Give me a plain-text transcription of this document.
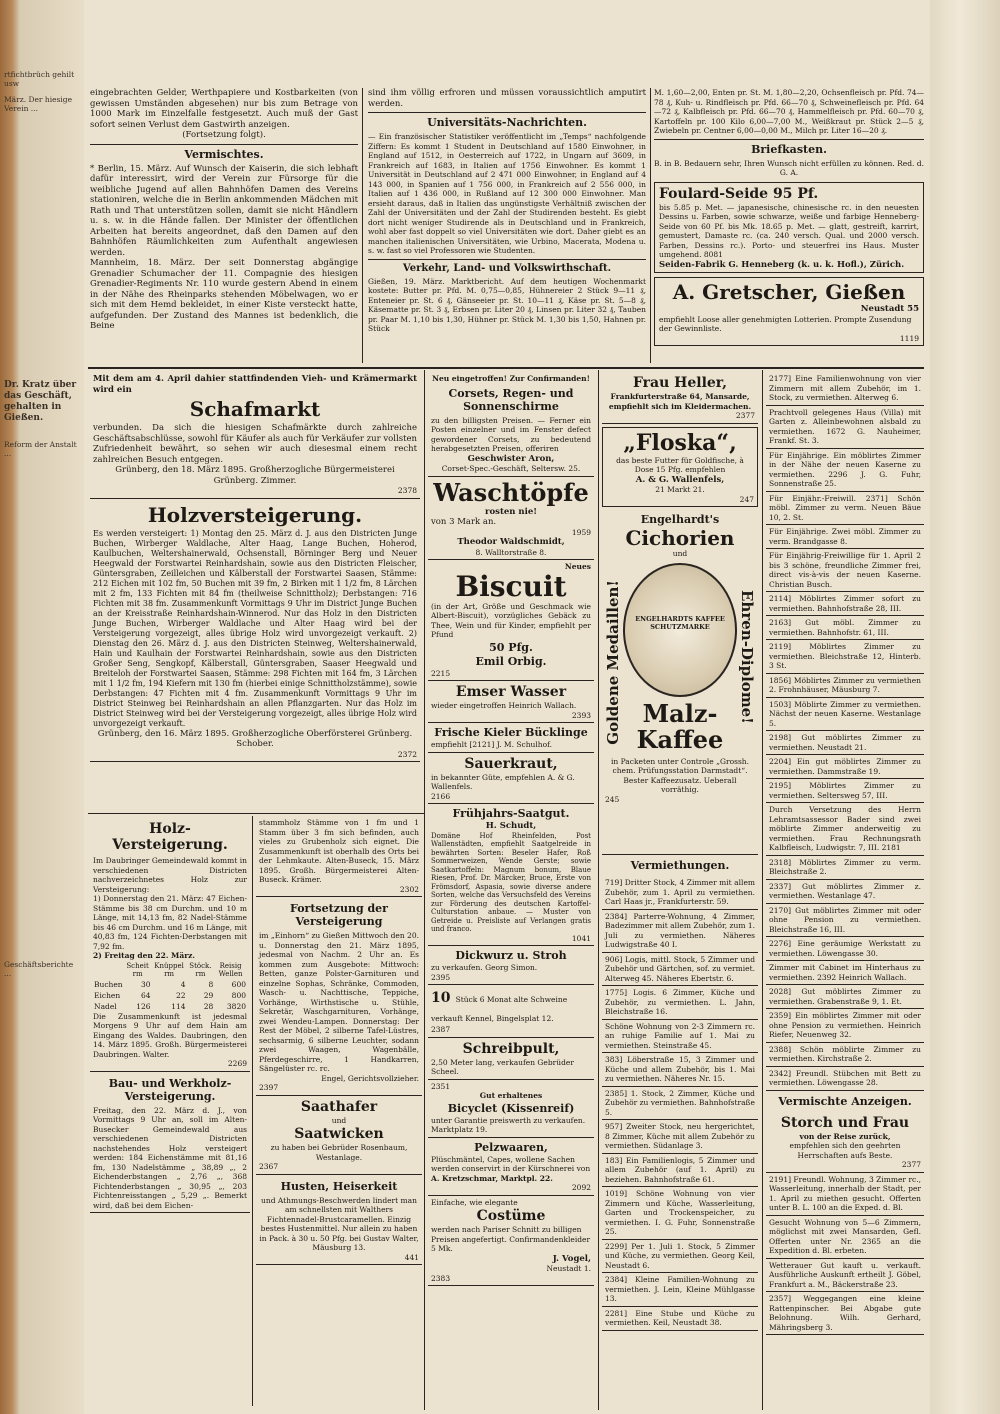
rtfichtbrüch gehilt usw
März. Der hiesige Verein ...
Dr. Kratz über das Geschäft, gehalten in Gießen.
Reform der Anstalt ...
Geschäftsberichte ...

eingebrachten Gelder, Werthpapiere und Kostbarkeiten (von gewissen Umständen abgesehen) nur bis zum Betrage von 1000 Mark im Einzelfalle festgesetzt. Auch muß der Gast sofort seinen Verlust dem Gastwirth anzeigen.

(Fortsetzung folgt).

Vermischtes.

* Berlin, 15. März. Auf Wunsch der Kaiserin, die sich lebhaft dafür interessirt, wird der Verein zur Fürsorge für die weibliche Jugend auf allen Bahnhöfen Damen des Vereins stationiren, welche die in Berlin ankommenden Mädchen mit Rath und That unterstützen sollen, damit sie nicht Händlern u. s. w. in die Hände fallen. Der Minister der öffentlichen Arbeiten hat bereits angeordnet, daß den Damen auf den Bahnhöfen Räumlichkeiten zum Aufenthalt angewiesen werden.

Mannheim, 18. März. Der seit Donnerstag abgängige Grenadier Schumacher der 11. Compagnie des hiesigen Grenadier-Regiments Nr. 110 wurde gestern Abend in einem in der Nähe des Rheinparks stehenden Möbelwagen, wo er sich mit dem Hemd bekleidet, in einer Kiste versteckt hatte, aufgefunden. Der Zustand des Mannes ist bedenklich, die Beine

sind ihm völlig erfroren und müssen voraussichtlich amputirt werden.

Universitäts-Nachrichten.

— Ein französischer Statistiker veröffentlicht im „Temps“ nachfolgende Ziffern: Es kommt 1 Student in Deutschland auf 1580 Einwohner, in England auf 1512, in Oesterreich auf 1722, in Ungarn auf 3609, in Frankreich auf 1683, in Italien auf 1756 Einwohner. Es kommt 1 Universität in Deutschland auf 2 471 000 Einwohner, in England auf 4 143 000, in Spanien auf 1 756 000, in Frankreich auf 2 556 000, in Italien auf 1 436 000, in Rußland auf 12 300 000 Einwohner. Man ersieht daraus, daß in Italien das ungünstigste Verhältniß zwischen der Zahl der Universitäten und der Zahl der Studirenden besteht. Es giebt dort nicht weniger Studirende als in Deutschland und in Frankreich, wohl aber fast doppelt so viel Universitäten wie dort. Daher giebt es an manchen italienischen Universitäten, wie Urbino, Macerata, Modena u. s. w. fast so viel Professoren wie Studenten.

Verkehr, Land- und Volkswirthschaft.

Gießen, 19. März. Marktbericht. Auf dem heutigen Wochenmarkt kostete: Butter pr. Pfd. M. 0,75—0,85, Hühnereier 2 Stück 9—11 ₰, Enteneier pr. St. 6 ₰, Gänseeier pr. St. 10—11 ₰, Käse pr. St. 5—8 ₰, Käsematte pr. St. 3 ₰, Erbsen pr. Liter 20 ₰, Linsen pr. Liter 32 ₰, Tauben pr. Paar M. 1,10 bis 1,30, Hühner pr. Stück M. 1,30 bis 1,50, Hahnen pr. Stück

M. 1,60—2,00, Enten pr. St. M. 1,80—2,20, Ochsenfleisch pr. Pfd. 74—78 ₰, Kuh- u. Rindfleisch pr. Pfd. 66—70 ₰, Schweinefleisch pr. Pfd. 64—72 ₰, Kalbfleisch pr. Pfd. 66—70 ₰, Hammelfleisch pr. Pfd. 60—70 ₰, Kartoffeln pr. 100 Kilo 6,00—7,00 M., Weißkraut pr. Stück 2—5 ₰, Zwiebeln pr. Centner 6,00—0,00 M., Milch pr. Liter 16—20 ₰.

Briefkasten.

B. in B. Bedauern sehr, Ihren Wunsch nicht erfüllen zu können. Red. d. G. A.

Foulard-Seide 95 Pf.

bis 5.85 p. Met. — japanesische, chinesische rc. in den neuesten Dessins u. Farben, sowie schwarze, weiße und farbige Henneberg-Seide von 60 Pf. bis Mk. 18.65 p. Met. — glatt, gestreift, karrirt, gemustert, Damaste rc. (ca. 240 versch. Qual. und 2000 versch. Farben, Dessins rc.). Porto- und steuerfrei ins Haus. Muster umgehend. 8081

Seiden-Fabrik G. Henneberg (k. u. k. Hofl.), Zürich.

A. Gretscher, Gießen

Neustadt 55

empfiehlt Loose aller genehmigten Lotterien. Prompte Zusendung der Gewinnliste.

1119

Mit dem am 4. April dahier stattfindenden Vieh- und Krämermarkt wird ein

Schafmarkt

verbunden. Da sich die hiesigen Schafmärkte durch zahlreiche Geschäftsabschlüsse, sowohl für Käufer als auch für Verkäufer zur vollsten Zufriedenheit bewährt, so sehen wir auch diesesmal einem recht zahlreichen Besuch entgegen.

Grünberg, den 18. März 1895. Großherzogliche Bürgermeisterei Grünberg. Zimmer.

2378

Holzversteigerung.

Es werden versteigert: 1) Montag den 25. März d. J. aus den Districten Junge Buchen, Wirberger Waldlache, Alter Haag, Lange Buchen, Hoherod, Kaulbuchen, Weltershainerwald, Ochsenstall, Börninger Berg und Neuer Heegwald der Forstwartei Reinhardshain, sowie aus den Districten Fleischer, Güntersgraben, Zeilleichen und Kälberstall der Forstwartei Saasen, Stämme: 212 Eichen mit 102 fm, 50 Buchen mit 39 fm, 2 Birken mit 1 1/2 fm, 8 Lärchen mit 2 fm, 133 Fichten mit 84 fm (theilweise Schnittholz); Derbstangen: 716 Fichten mit 38 fm. Zusammenkunft Vormittags 9 Uhr im District Junge Buchen an der Kreisstraße Reinhardshain-Winnerod. Nur das Holz in den Districten Junge Buchen, Wirberger Waldlache und Alter Haag wird bei der Versteigerung vorgezeigt, alles übrige Holz wird unvorgezeigt verkauft. 2) Dienstag den 26. März d. J. aus den Districten Steinweg, Weltershainerwald, Hain und Kaulhain der Forstwartei Reinhardshain, sowie aus den Districten Großer Seng, Sengkopf, Kälberstall, Güntersgraben, Saaser Heegwald und Breiteloh der Forstwartei Saasen, Stämme: 298 Fichten mit 164 fm, 3 Lärchen mit 1 1/2 fm, 194 Kiefern mit 130 fm (hierbei einige Schnittholzstämme), sowie Derbstangen: 47 Fichten mit 4 fm. Zusammenkunft Vormittags 9 Uhr im District Steinweg bei Reinhardshain an allen Pflanzgarten. Nur das Holz im District Steinweg wird bei der Versteigerung vorgezeigt, alles übrige Holz wird unvorgezeigt verkauft.

Grünberg, den 16. März 1895. Großherzogliche Oberförsterei Grünberg. Schober.

2372

Holz-Versteigerung.

Im Daubringer Gemeindewald kommt in verschiedenen Districten nachverzeichnetes Holz zur Versteigerung:

1) Donnerstag den 21. März: 47 Eichen-Stämme bis 38 cm Durchm. und 10 m Länge, mit 14,13 fm, 82 Nadel-Stämme bis 46 cm Durchm. und 16 m Länge, mit 40,83 fm, 124 Fichten-Derbstangen mit 7,92 fm.

2) Freitag den 22. März.

	Scheit rm	Knüppel rm	Stöck. rm	Reisig Wellen
Buchen	30	4	8	600
Eichen	64	22	29	800
Nadel	126	114	28	3820

Die Zusammenkunft ist jedesmal Morgens 9 Uhr auf dem Hain am Eingang des Waldes. Daubringen, den 14. März 1895. Großh. Bürgermeisterei Daubringen. Walter.

2269

Bau- und Werkholz-Versteigerung.

Freitag, den 22. März d. J., von Vormittags 9 Uhr an, soll im Alten-Busecker Gemeindewald aus verschiedenen Districten nachstehendes Holz versteigert werden: 184 Eichenstämme mit 81,16 fm, 130 Nadelstämme „ 38,89 „, 2 Eichenderbstangen „ 2,76 „, 368 Fichtenderbstangen „ 30,95 „, 203 Fichtenreisstangen „ 5,29 „. Bemerkt wird, daß bei dem Eichen-

stammholz Stämme von 1 fm und 1 Stamm über 3 fm sich befinden, auch vieles zu Grubenholz sich eignet. Die Zusammenkunft ist oberhalb des Orts bei der Lehmkaute. Alten-Buseck, 15. März 1895. Großh. Bürgermeisterei Alten-Buseck. Krämer.

2302

Fortsetzung der Versteigerung

im „Einhorn“ zu Gießen Mittwoch den 20. u. Donnerstag den 21. März 1895, jedesmal von Nachm. 2 Uhr an. Es kommen zum Ausgebote: Mittwoch: Betten, ganze Polster-Garnituren und einzelne Sophas, Schränke, Commoden, Wasch- u. Nachttische, Teppiche, Vorhänge, Wirthstische u. Stühle, Sekretär, Waschgarnituren, Vorhänge, zwei Wendeu-Lampen. Donnerstag: Der Rest der Möbel, 2 silberne Tafel-Lüstres, sechsarmig, 6 silberne Leuchter, sodann zwei Waagen, Wagenbälle, Pferdegeschirre, 1 Handkarren, Sängelüster rc. rc.

Engel, Gerichtsvollzieher.

2397

Saathafer

und

Saatwicken

zu haben bei Gebrüder Rosenbaum, Westanlage.

2367

Husten, Heiserkeit

und Athmungs-Beschwerden lindert man am schnellsten mit Walthers Fichtennadel-Brustcaramellen. Einzig bestes Hustenmittel. Nur allein zu haben in Pack. à 30 u. 50 Pfg. bei Gustav Walter, Mäusburg 13.

441

Neu eingetroffen! Zur Confirmanden!

Corsets, Regen- und Sonnenschirme

zu den billigsten Preisen. — Ferner ein Posten einzelner und im Fenster defect gewordener Corsets, zu bedeutend herabgesetzten Preisen, offeriren

Geschwister Aron,

Corset-Spec.-Geschäft, Seltersw. 25.

Waschtöpfe

rosten nie!

von 3 Mark an.

1959

Theodor Waldschmidt,

8. Walltorstraße 8.

Neues

Biscuit

(in der Art, Größe und Geschmack wie Albert-Biscuit), vorzügliches Gebäck zu Thee, Wein und für Kinder, empfiehlt per Pfund

50 Pfg.

Emil Orbig.

2215

Emser Wasser

wieder eingetroffen Heinrich Wallach.

2393

Frische Kieler Bücklinge

empfiehlt [2121] J. M. Schulhof.

Sauerkraut,

in bekannter Güte, empfehlen A. & G. Wallenfels.

2166

Frühjahrs-Saatgut.

H. Schudt,

Domäne Hof Rheinfelden, Post Wallenstädten, empfiehlt Saatgelreide in bewährten Sorten: Beseler Hafer, Roß Sommerweizen, Wende Gerste; sowie Saatkartoffeln: Magnum bonum, Blaue Riesen, Prof. Dr. Märcker, Bruce, Erste von Frömsdorf, Aspasia, sowie diverse andere Sorten, welche das Versuchsfeld des Vereins zur Förderung des deutschen Kartoffel-Culturstation anbaue. — Muster von Getreide u. Preisliste auf Verlangen gratis und franco.

1041

Dickwurz u. Stroh

zu verkaufen. Georg Simon.

2395

10 Stück 6 Monat alte Schweine verkauft Kennel, Bingelsplat 12.

2387

Schreibpult,

2,50 Meter lang, verkaufen Gebrüder Scheel.

2351

Gut erhaltenes

Bicyclet (Kissenreif)

unter Garantie preiswerth zu verkaufen. Marktplatz 19.

Pelzwaaren,

Plüschmäntel, Capes, wollene Sachen werden conservirt in der Kürschnerei von

A. Kretzschmar, Marktpl. 22.

2092

Einfache, wie elegante

Costüme

werden nach Pariser Schnitt zu billigen Preisen angefertigt. Confirmandenkleider 5 Mk.

J. Vogel,

Neustadt 1.

2383

Frau Heller,

Frankfurterstraße 64, Mansarde, empfiehlt sich im Kleidermachen.

2377

„Floska“,

das beste Futter für Goldfische, à Dose 15 Pfg. empfehlen

A. & G. Wallenfels,

21 Markt 21.

247

Engelhardt's

Cichorien

und

Goldene Medaillen!	Ehren-Diplome!
ENGELHARDTS KAFFEE SCHUTZMARKE

Malz-Kaffee

in Packeten unter Controle „Grossh. chem. Prüfungsstation Darmstadt“. Bester Kaffeezusatz. Ueberall vorräthig.

245

Vermiethungen.

719] Dritter Stock, 4 Zimmer mit allem Zubehör, zum 1. April zu vermiethen. Carl Haas jr., Frankfurterstr. 59.

2384] Parterre-Wohnung, 4 Zimmer, Badezimmer mit allem Zubehör, zum 1. Juli zu vermiethen. Näheres Ludwigstraße 40 I.

906] Logis, mittl. Stock, 5 Zimmer und Zubehör und Gärtchen, sof. zu vermiet. Alterweg 45. Näheres Ebertstr. 6.

1775] Logis. 6 Zimmer, Küche und Zubehör, zu vermiethen. L. Jahn, Bleichstraße 16.

Schöne Wohnung von 2-3 Zimmern rc. an ruhige Familie auf 1. Mai zu vermiethen. Steinstraße 45.

383] Löberstraße 15, 3 Zimmer und Küche und allem Zubehör, bis 1. Mai zu vermiethen. Näheres Nr. 15.

2385] 1. Stock, 2 Zimmer, Küche und Zubehör zu vermiethen. Bahnhofstraße 5.

957] Zweiter Stock, neu hergerichtet, 8 Zimmer, Küche mit allem Zubehör zu vermiethen. Südanlage 3.

183] Ein Familienlogis, 5 Zimmer und allem Zubehör (auf 1. April) zu beziehen. Bahnhofstraße 61.

1019] Schöne Wohnung von vier Zimmern und Küche, Wasserleitung, Garten und Trockenspeicher, zu vermiethen. I. G. Fuhr, Sonnenstraße 25.

2299] Per 1. Juli 1. Stock, 5 Zimmer und Küche, zu vermiethen. Georg Keil, Neustadt 6.

2384] Kleine Familien-Wohnung zu vermiethen. J. Lein, Kleine Mühlgasse 13.

2281] Eine Stube und Küche zu vermiethen. Keil, Neustadt 38.

2177] Eine Familienwohnung von vier Zimmern mit allem Zubehör, im 1. Stock, zu vermiethen. Alterweg 6.

Prachtvoll gelegenes Haus (Villa) mit Garten z. Alleinbewohnen alsbald zu vermiethen. 1672 G. Nauheimer, Frankf. St. 3.

Für Einjährige. Ein möblirtes Zimmer in der Nähe der neuen Kaserne zu vermiethen. 2296 J. G. Fuhr, Sonnenstraße 25.

Für Einjähr.-Freiwill. 2371] Schön möbl. Zimmer zu verm. Neuen Bäue 10, 2. St.

Für Einjährige. Zwei möbl. Zimmer zu verm. Brandgasse 8.

Für Einjährig-Freiwillige für 1. April 2 bis 3 schöne, freundliche Zimmer frei, direct vis-à-vis der neuen Kaserne. Christian Busch.

2114] Möblirtes Zimmer sofort zu vermiethen. Bahnhofstraße 28, III.

2163] Gut möbl. Zimmer zu vermiethen. Bahnhofstr. 61, III.

2119] Möblirtes Zimmer zu vermiethen. Bleichstraße 12, Hinterb. 3 St.

1856] Möblirtes Zimmer zu vermiethen 2. Frohnhäuser, Mäusburg 7.

1503] Möblirte Zimmer zu vermiethen. Nächst der neuen Kaserne. Westanlage 5.

2198] Gut möblirtes Zimmer zu vermiethen. Neustadt 21.

2204] Ein gut möblirtes Zimmer zu vermiethen. Dammstraße 19.

2195] Möblirtes Zimmer zu vermiethen. Seltersweg 57, III.

Durch Versetzung des Herrn Lehramtsassessor Bader sind zwei möblirte Zimmer anderweitig zu vermiethen. Frau Rechnungsrath Kalbfleisch, Ludwigstr. 7, III. 2181

2318] Möblirtes Zimmer zu verm. Bleichstraße 2.

2337] Gut möblirtes Zimmer z. vermiethen. Westanlage 47.

2170] Gut möblirtes Zimmer mit oder ohne Pension zu vermiethen. Bleichstraße 16, III.

2276] Eine geräumige Werkstatt zu vermiethen. Löwengasse 30.

Zimmer mit Cabinet im Hinterhaus zu vermiethen. 2392 Heinrich Wallach.

2028] Gut möblirtes Zimmer zu vermiethen. Grabenstraße 9, 1. Et.

2359] Ein möblirtes Zimmer mit oder ohne Pension zu vermiethen. Heinrich Riefer, Neuenweg 32.

2388] Schön möblirte Zimmer zu vermiethen. Kirchstraße 2.

2342] Freundl. Stübchen mit Bett zu vermiethen. Löwengasse 28.

Vermischte Anzeigen.

Storch und Frau

von der Reise zurück,

empfehlen sich den geehrten Herrschaften aufs Beste.

2377

2191] Freundl. Wohnung, 3 Zimmer rc., Wasserleitung, innerhalb der Stadt, per 1. April zu miethen gesucht. Offerten unter B. L. 100 an die Exped. d. Bl.

Gesucht Wohnung von 5—6 Zimmern, möglichst mit zwei Mansarden, Gefl. Offerten unter Nr. 2365 an die Expedition d. Bl. erbeten.

Wetterauer Gut kauft u. verkauft. Ausführliche Auskunft ertheilt J. Göbel, Frankfurt a. M., Bäckerstraße 23.

2357] Weggegangen eine kleine Rattenpinscher. Bei Abgabe gute Belohnung. Wilh. Gerhard, Mähringsberg 3.
